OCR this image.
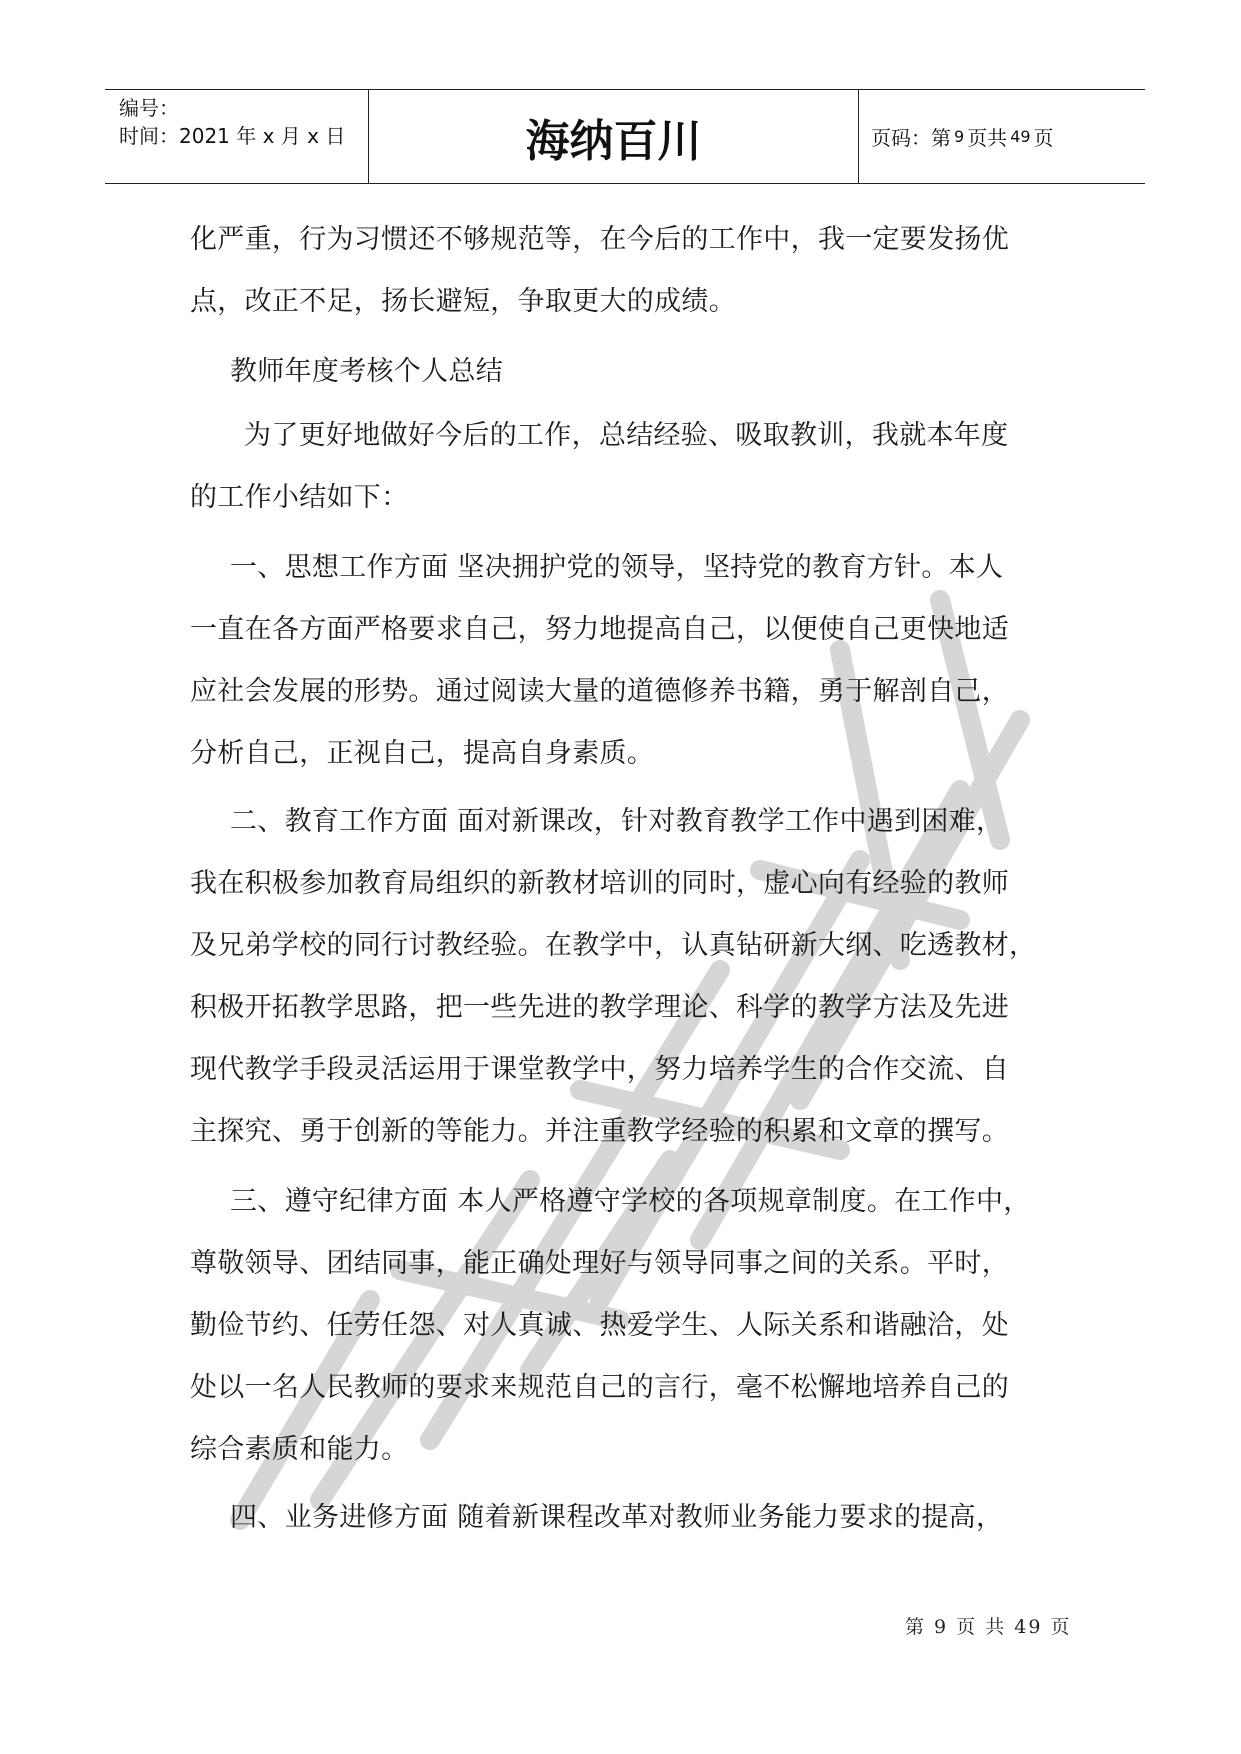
编号：
时间：2021 年 x 月 x 日	海纳百川	页码：第 9 页共 49 页
化严重，行为习惯还不够规范等，在今后的工作中，我一定要发扬优
点，改正不足，扬长避短，争取更大的成绩。
教师年度考核个人总结
为了更好地做好今后的工作，总结经验、吸取教训，我就本年度
的工作小结如下：
一、思想工作方面 坚决拥护党的领导，坚持党的教育方针。本人
一直在各方面严格要求自己，努力地提高自己，以便使自己更快地适
应社会发展的形势。通过阅读大量的道德修养书籍，勇于解剖自己，
分析自己，正视自己，提高自身素质。
二、教育工作方面 面对新课改，针对教育教学工作中遇到困难，
我在积极参加教育局组织的新教材培训的同时，虚心向有经验的教师
及兄弟学校的同行讨教经验。在教学中，认真钻研新大纲、吃透教材，
积极开拓教学思路，把一些先进的教学理论、科学的教学方法及先进
现代教学手段灵活运用于课堂教学中，努力培养学生的合作交流、自
主探究、勇于创新的等能力。并注重教学经验的积累和文章的撰写。
三、遵守纪律方面 本人严格遵守学校的各项规章制度。在工作中，
尊敬领导、团结同事，能正确处理好与领导同事之间的关系。平时，
勤俭节约、任劳任怨、对人真诚、热爱学生、人际关系和谐融洽，处
处以一名人民教师的要求来规范自己的言行，毫不松懈地培养自己的
综合素质和能力。
四、业务进修方面 随着新课程改革对教师业务能力要求的提高，
第 9 页 共 49 页
